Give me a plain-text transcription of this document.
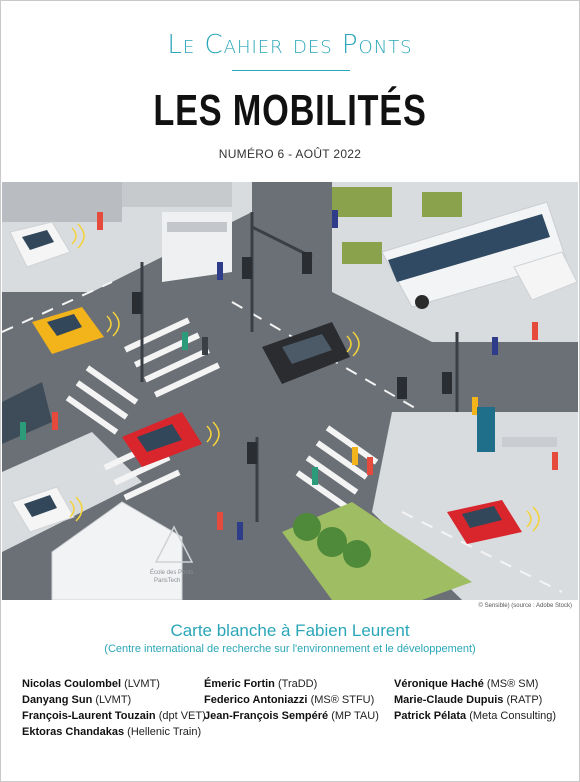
Le Cahier des Ponts
LES MOBILITÉS
NUMÉRO 6 - AOÛT 2022
École des Ponts
ParisTech
© Sensible) (source : Adobe Stock)
Carte blanche à Fabien Leurent
(Centre international de recherche sur l'environnement et le développement)
Nicolas Coulombel (LVMT)
Danyang Sun (LVMT)
François-Laurent Touzain (dpt VET)
Ektoras Chandakas (Hellenic Train)
Émeric Fortin (TraDD)
Federico Antoniazzi (MS® STFU)
Jean-François Sempéré (MP TAU)
Véronique Haché (MS® SM)
Marie-Claude Dupuis (RATP)
Patrick Pélata (Meta Consulting)
